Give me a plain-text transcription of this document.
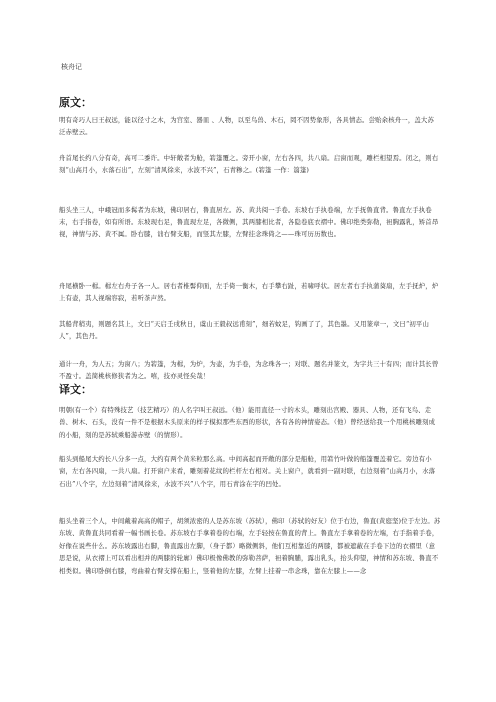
核舟记
原文：
明有奇巧人曰王叔远，能以径寸之木，为宫室、器皿 、人物，以至鸟兽、木石，罔不因势象形，各具情态。尝贻余核舟一，盖大苏泛赤壁云。
舟首尾长约八分有奇，高可二黍许。中轩敞者为舱，箬篷覆之。旁开小窗，左右各四，共八扇。启窗而观，雕栏相望焉。闭之，则右刻“山高月小，水落石出”，左刻“清风徐来，水波不兴”，石青糁之。(箬篷 一作：篛篷)
船头坐三人，中峨冠而多髯者为东坡，佛印居右，鲁直居左。苏、黄共阅一手卷。东坡右手执卷端，左手抚鲁直背。鲁直左手执卷末，右手指卷，如有所语。东坡现右足，鲁直现左足，各微侧，其两膝相比者，各隐卷底衣褶中。佛印绝类弥勒，袒胸露乳，矫首昂视，神情与苏、黄不属。卧右膝，诎右臂支船，而竖其左膝，左臂挂念珠倚之——珠可历历数也。
舟尾横卧一楫。楫左右舟子各一人。居右者椎髻仰面，左手倚一衡木，右手攀右趾，若啸呼状。居左者右手执蒲葵扇，左手抚炉，炉上有壶，其人视端容寂，若听茶声然。
其船背稍夷，则题名其上，文曰“天启壬戌秋日，虞山王毅叔远甫刻”，细若蚊足，钩画了了，其色墨。又用篆章一，文曰“初平山人”，其色丹。
通计一舟，为人五；为窗八；为箬篷，为楫，为炉，为壶，为手卷，为念珠各一；对联、题名并篆文，为字共三十有四；而计其长曾不盈寸。盖简桃核修狭者为之。嘻，技亦灵怪矣哉！
译文：
明朝(有一个）有特殊技艺（技艺精巧）的人名字叫王叔远。（他）能用直径一寸的木头，雕刻出宫殿、器具、人物，还有飞鸟、走兽、树木、石头，没有一件不是根据木头原来的样子模拟那些东西的形状，各有各的神情姿态。（他）曾经送给我一个用桃核雕刻成的小船，刻的是苏轼乘船游赤壁（的情形）。
船头到船尾大约长八分多一点，大约有两个黄米粒那么高。中间高起而开敞的部分是船舱，用箬竹叶做的船篷覆盖着它。旁边有小窗，左右各四扇，一共八扇。打开窗户来看，雕刻着花纹的栏杆左右相对。关上窗户，就看到一副对联，右边刻着“山高月小，水落石出”八个字，左边刻着“清风徐来，水波不兴”八个字，用石青涂在字的凹处。
船头坐着三个人，中间戴着高高的帽子，胡须浓密的人是苏东坡（苏轼），佛印（苏轼的好友）位于右边，鲁直(黄庭坚)位于左边。苏东坡、黄鲁直共同看着一幅书画长卷。苏东坡右手拿着卷的右端，左手轻按在鲁直的背上。鲁直左手拿着卷的左端，右手指着手卷，好像在说些什么。苏东坡露出右脚，鲁直露出左脚，（身子都）略微侧斜，他们互相靠近的两膝，都被遮蔽在手卷下边的衣褶里（意思是说，从衣褶上可以看出相并的两膝的轮廓）佛印极像佛教的弥勒菩萨，袒着胸脯，露出乳头，抬头仰望，神情和苏东坡、鲁直不相类似。佛印卧倒右膝，弯曲着右臂支撑在船上，竖着他的左膝，左臂上挂着一串念珠，靠在左膝上——念
